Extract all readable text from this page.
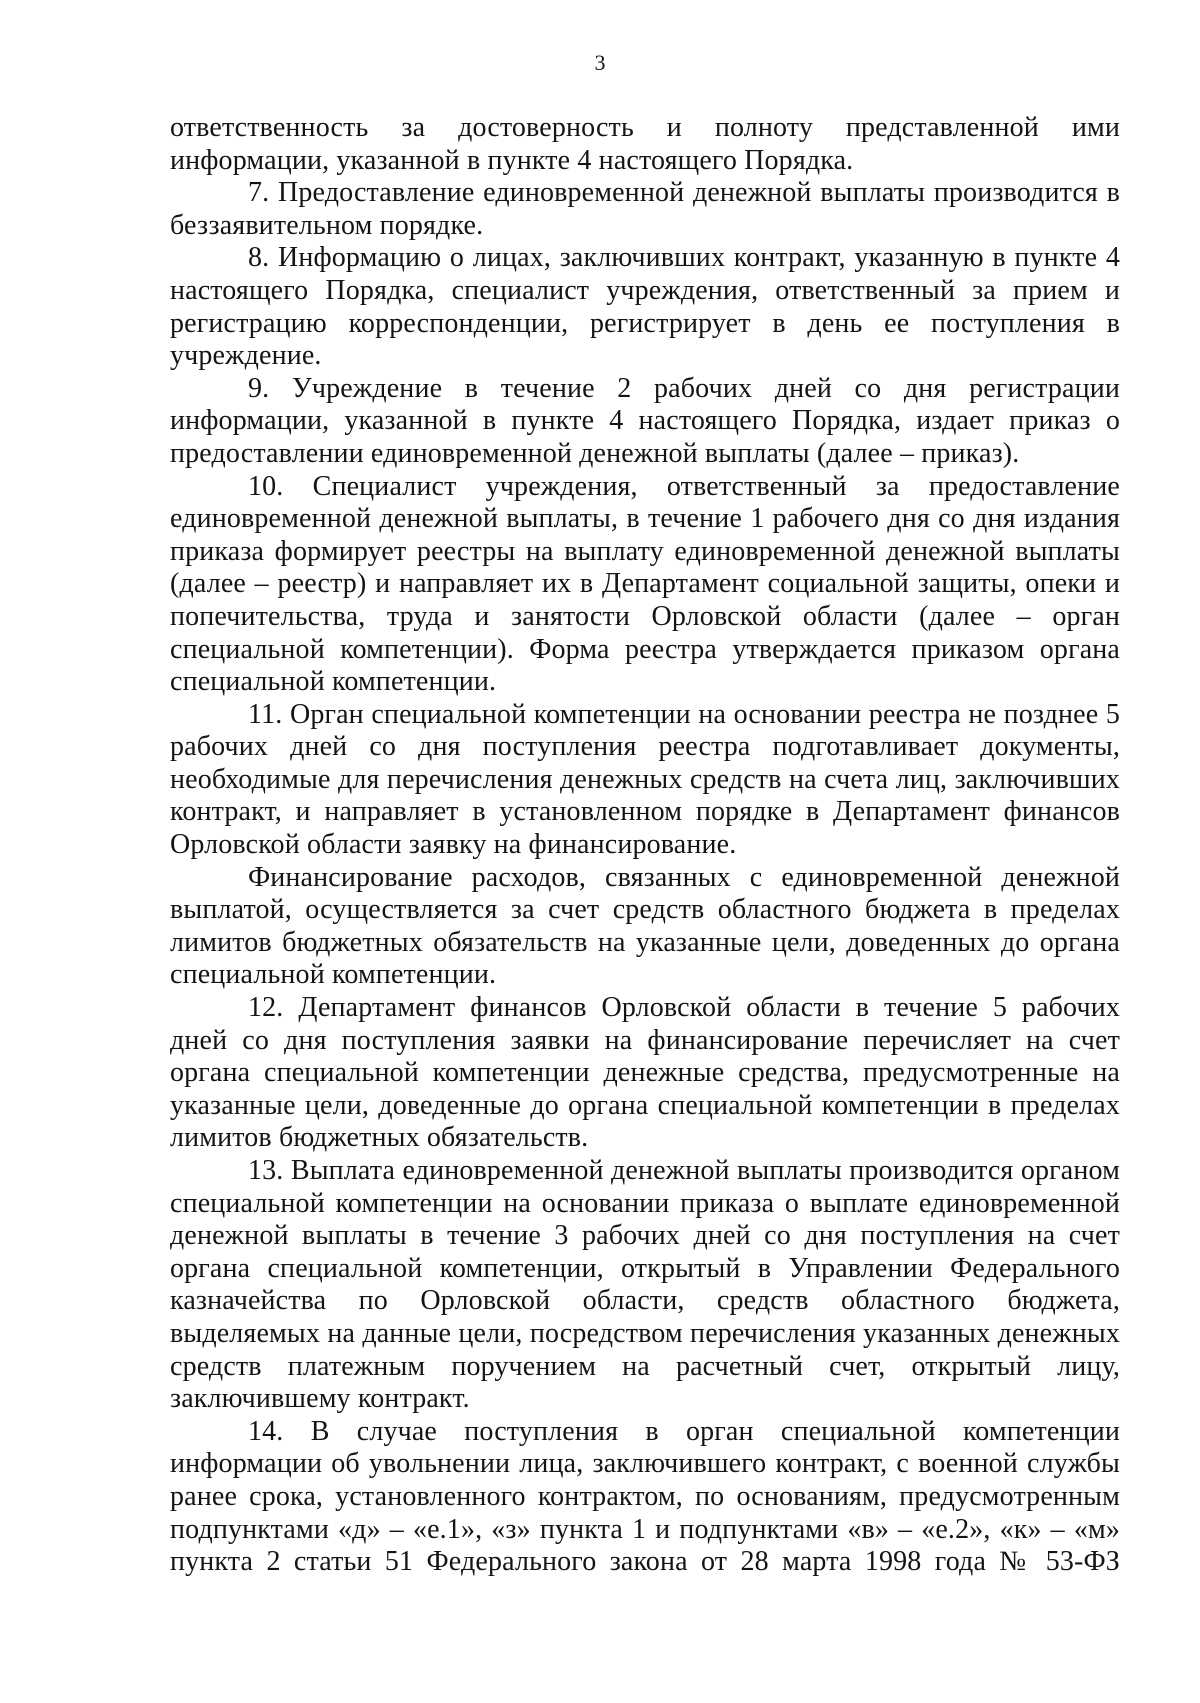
3

ответственность за достоверность и полноту представленной ими информации, указанной в пункте 4 настоящего Порядка.

7. Предоставление единовременной денежной выплаты производится в беззаявительном порядке.

8. Информацию о лицах, заключивших контракт, указанную в пункте 4 настоящего Порядка, специалист учреждения, ответственный за прием и регистрацию корреспонденции, регистрирует в день ее поступления в учреждение.

9. Учреждение в течение 2 рабочих дней со дня регистрации информации, указанной в пункте 4 настоящего Порядка, издает приказ о предоставлении единовременной денежной выплаты (далее – приказ).

10. Специалист учреждения, ответственный за предоставление единовременной денежной выплаты, в течение 1 рабочего дня со дня издания приказа формирует реестры на выплату единовременной денежной выплаты (далее – реестр) и направляет их в Департамент социальной защиты, опеки и попечительства, труда и занятости Орловской области (далее – орган специальной компетенции). Форма реестра утверждается приказом органа специальной компетенции.

11. Орган специальной компетенции на основании реестра не позднее 5 рабочих дней со дня поступления реестра подготавливает документы, необходимые для перечисления денежных средств на счета лиц, заключивших контракт, и направляет в установленном порядке в Департамент финансов Орловской области заявку на финансирование.

Финансирование расходов, связанных с единовременной денежной выплатой, осуществляется за счет средств областного бюджета в пределах лимитов бюджетных обязательств на указанные цели, доведенных до органа специальной компетенции.

12. Департамент финансов Орловской области в течение 5 рабочих дней со дня поступления заявки на финансирование перечисляет на счет органа специальной компетенции денежные средства, предусмотренные на указанные цели, доведенные до органа специальной компетенции в пределах лимитов бюджетных обязательств.

13. Выплата единовременной денежной выплаты производится органом специальной компетенции на основании приказа о выплате единовременной денежной выплаты в течение 3 рабочих дней со дня поступления на счет органа специальной компетенции, открытый в Управлении Федерального казначейства по Орловской области, средств областного бюджета, выделяемых на данные цели, посредством перечисления указанных денежных средств платежным поручением на расчетный счет, открытый лицу, заключившему контракт.

14. В случае поступления в орган специальной компетенции информации об увольнении лица, заключившего контракт, с военной службы ранее срока, установленного контрактом, по основаниям, предусмотренным подпунктами «д» – «е.1», «з» пункта 1 и подпунктами «в» – «е.2», «к» – «м» пункта 2 статьи 51 Федерального закона от 28 марта 1998 года № 53-ФЗ
